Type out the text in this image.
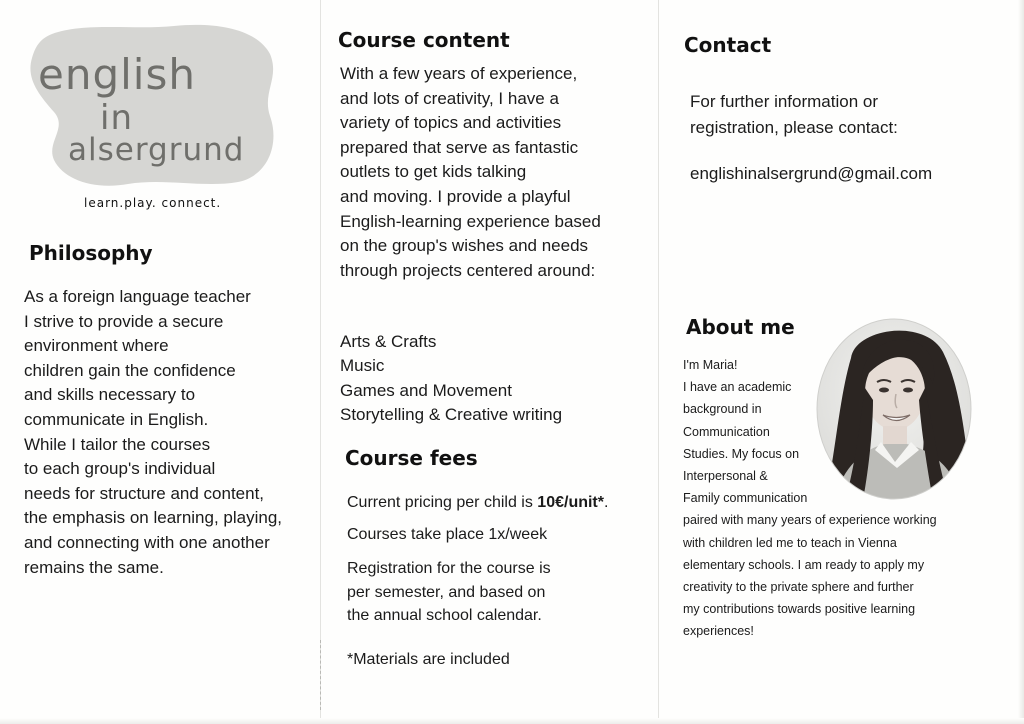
english
in
alsergrund
learn.play. connect.
Philosophy
As a foreign language teacher
I strive to provide a secure
environment where
children gain the confidence
and skills necessary to
communicate in English.
While I tailor the courses
to each group's individual
needs for structure and content,
the emphasis on learning, playing,
and connecting with one another
remains the same.
Course content
With a few years of experience,
and lots of creativity, I have a
variety of topics and activities
prepared that serve as fantastic
outlets to get kids talking
and moving. I provide a playful
English-learning experience based
on the group's wishes and needs
through projects centered around:
Arts & Crafts
Music
Games and Movement
Storytelling & Creative writing
Course fees
Current pricing per child is 10€/unit*.
Courses take place 1x/week
Registration for the course is
per semester, and based on
the annual school calendar.
*Materials are included
Contact
For further information or
registration, please contact:
englishinalsergrund@gmail.com
About me
I'm Maria!
I have an academic
background in
Communication
Studies. My focus on
Interpersonal &
Family communication
paired with many years of experience working
with children led me to teach in Vienna
elementary schools. I am ready to apply my
creativity to the private sphere and further
my contributions towards positive learning
experiences!
